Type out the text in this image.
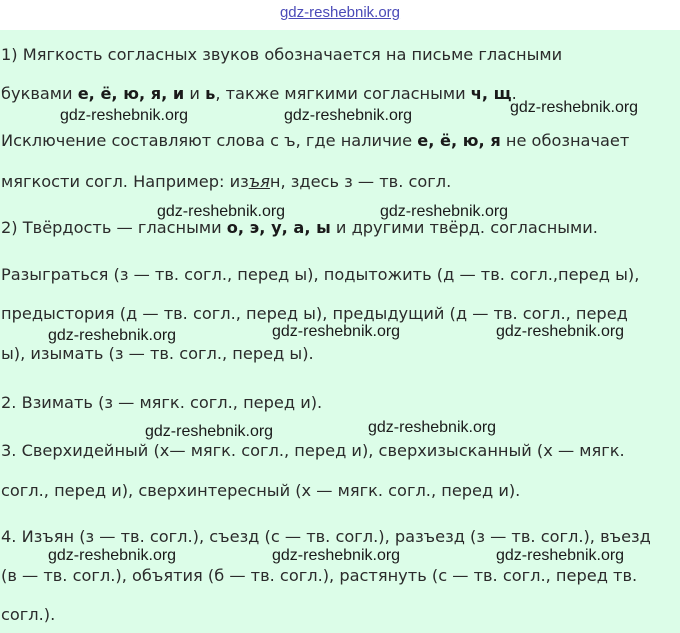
gdz-reshebnik.org

1) Мягкость согласных звуков обозначается на письме гласными

буквами е, ё, ю, я, и и ь, также мягкими согласными ч, щ.

Исключение составляют слова с ъ, где наличие е, ё, ю, я не обозначает

мягкости согл. Например: изъян, здесь з — тв. согл.

2) Твёрдость — гласными о, э, у, а, ы и другими твёрд. согласными.

Разыграться (з — тв. согл., перед ы), подытожить (д — тв. согл.,перед ы),

предыстория (д — тв. согл., перед ы), предыдущий (д — тв. согл., перед

ы), изымать (з — тв. согл., перед ы).

2. Взимать (з — мягк. согл., перед и).

3. Сверхидейный (х— мягк. согл., перед и), сверхизысканный (х — мягк.

согл., перед и), сверхинтересный (х — мягк. согл., перед и).

4. Изъян (з — тв. согл.), съезд (с — тв. согл.), разъезд (з — тв. согл.), въезд

(в — тв. согл.), объятия (б — тв. согл.), растянуть (с — тв. согл., перед тв.

согл.).

gdz-reshebnik.org
gdz-reshebnik.org	gdz-reshebnik.org
gdz-reshebnik.org	gdz-reshebnik.org
gdz-reshebnik.org	gdz-reshebnik.org	gdz-reshebnik.org
gdz-reshebnik.org
gdz-reshebnik.org
gdz-reshebnik.org	gdz-reshebnik.org	gdz-reshebnik.org
